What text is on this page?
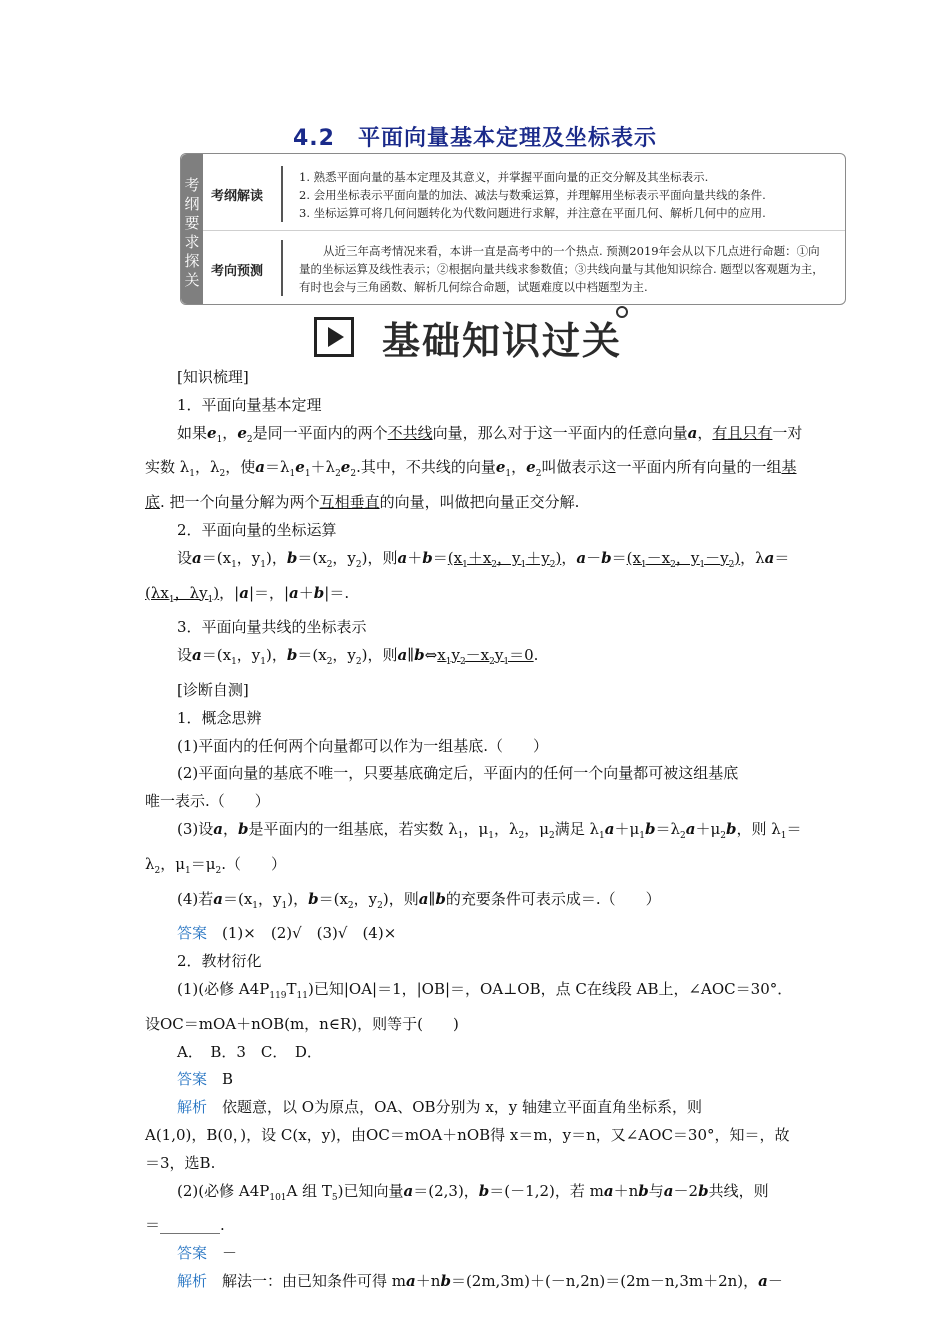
4.2　平面向量基本定理及坐标表示
考纲要求探关
考纲解读
1. 熟悉平面向量的基本定理及其意义，并掌握平面向量的正交分解及其坐标表示.
2. 会用坐标表示平面向量的加法、减法与数乘运算，并理解用坐标表示平面向量共线的条件.
3. 坐标运算可将几何问题转化为代数问题进行求解，并注意在平面几何、解析几何中的应用.
考向预测
从近三年高考情况来看，本讲一直是高考中的一个热点. 预测2019年会从以下几点进行命题：①向
量的坐标运算及线性表示；②根据向量共线求参数值；③共线向量与其他知识综合. 题型以客观题为主，
有时也会与三角函数、解析几何综合命题，试题难度以中档题型为主.
基础知识过关

[知识梳理]

1．平面向量基本定理

如果$e_1$，$e_2$是同一平面内的两个不共线向量，那么对于这一平面内的任意向量a，有且只有一对实数 $\lambda_1$，$\lambda_2$，使$a=\lambda_1e_1+\lambda_2e_2$.其中，不共线的向量$e_1$，$e_2$叫做表示这一平面内所有向量的一组基底. 把一个向量分解为两个互相垂直的向量，叫做把向量正交分解.

2．平面向量的坐标运算

设$a=(x_1$，$y_1$)，$b=(x_2$，$y_2$)，则$a+b=(x_1+x_2$，$y_1+y_2$)，$a-b=(x_1-x_2$，$y_1-y_2$)，$\lambda a=(\lambda x_1$，$\lambda y_1$)，|a|＝，|a＋b|＝.

3．平面向量共线的坐标表示

设$a=(x_1$，$y_1$)，$b=(x_2$，$y_2$)，则$a\parallel b\Leftrightarrow x_1y_2-x_2y_1=0$.

[诊断自测]

1．概念思辨

(1)平面内的任何两个向量都可以作为一组基底.（　　）

(2)平面向量的基底不唯一，只要基底确定后，平面内的任何一个向量都可被这组基底

唯一表示.（　　）

(3)设a，b是平面内的一组基底，若实数 $\lambda_1$，$\mu_1$，$\lambda_2$，$\mu_2$满足 $\lambda_1a+\mu_1b=\lambda_2a+\mu_2b$，则 $\lambda_1=\lambda_2$，$\mu_1=\mu_2$.（　　）

(4)若$a=(x_1$，$y_1$)，$b=(x_2$，$y_2$)，则a∥b的充要条件可表示成＝.（　　）

答案　 (1)×　(2)√　(3)√　(4)×

2．教材衍化

(1)(必修 $A4P_{119}T_{11}$)已知|OA|＝1，|OB|＝，OA⊥OB，点 C在线段 AB上，∠AOC＝30°．

设OC＝mOA＋nOB(m，n∈R)，则等于(　　)

A．　B．3　C．　D．

答案　 B

解析　 依题意，以 O为原点，OA、OB分别为 x，y 轴建立平面直角坐标系，则

A(1,0)，B(0，)，设 C(x，y)，由OC＝mOA＋nOB得 x＝m，y＝n，又∠AOC＝30°，知＝，故

＝3，选B.

(2)(必修 $A4P_{101}A$ 组 $T_5$)已知向量a＝(2,3)，b＝(－1,2)，若 ma＋nb与a－2b共线，则

＝________.

答案　 －

解析　 解法一：由已知条件可得 ma＋nb＝(2m,3m)＋(－n,2n)＝(2m－n,3m＋2n)，a－
